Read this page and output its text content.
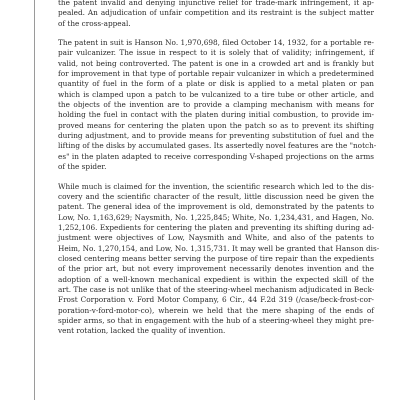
the patent invalid and denying injunctive relief for trade-mark infringement, it ap-
pealed. An adjudication of unfair competition and its restraint is the subject matter
of the cross-appeal.
The patent in suit is Hanson No. 1,970,698, filed October 14, 1932, for a portable re-
pair vulcanizer. The issue in respect to it is solely that of validity; infringement, if
valid, not being controverted. The patent is one in a crowded art and is frankly but
for improvement in that type of portable repair vulcanizer in which a predetermined
quantity of fuel in the form of a plate or disk is applied to a metal platen or pan
which is clamped upon a patch to be vulcanized to a tire tube or other article, and
the objects of the invention are to provide a clamping mechanism with means for
holding the fuel in contact with the platen during initial combustion, to provide im-
proved means for centering the platen upon the patch so as to prevent its shifting
during adjustment, and to provide means for preventing substitution of fuel and the
lifting of the disks by accumulated gases. Its assertedly novel features are the "notch-
es" in the platen adapted to receive corresponding V-shaped projections on the arms
of the spider.
While much is claimed for the invention, the scientific research which led to the dis-
covery and the scientific character of the result, little discussion need be given the
patent. The general idea of the improvement is old, demonstrated by the patents to
Low, No. 1,163,629; Naysmith, No. 1,225,845; White, No. 1,234,431, and Hagen, No.
1,252,106. Expedients for centering the platen and preventing its shifting during ad-
justment were objectives of Low, Naysmith and White, and also of the patents to
Heim, No. 1,270,154, and Low, No. 1,315,731. It may well be granted that Hanson dis-
closed centering means better serving the purpose of tire repair than the expedients
of the prior art, but not every improvement necessarily denotes invention and the
adoption of a well-known mechanical expedient is within the expected skill of the
art. The case is not unlike that of the steering-wheel mechanism adjudicated in Beck-
Frost Corporation v. Ford Motor Company, 6 Cir., 44 F.2d 319 (/case/beck-frost-cor-
poration-v-ford-motor-co), wherein we held that the mere shaping of the ends of
spider arms, so that in engagement with the hub of a steering-wheel they might pre-
vent rotation, lacked the quality of invention.
